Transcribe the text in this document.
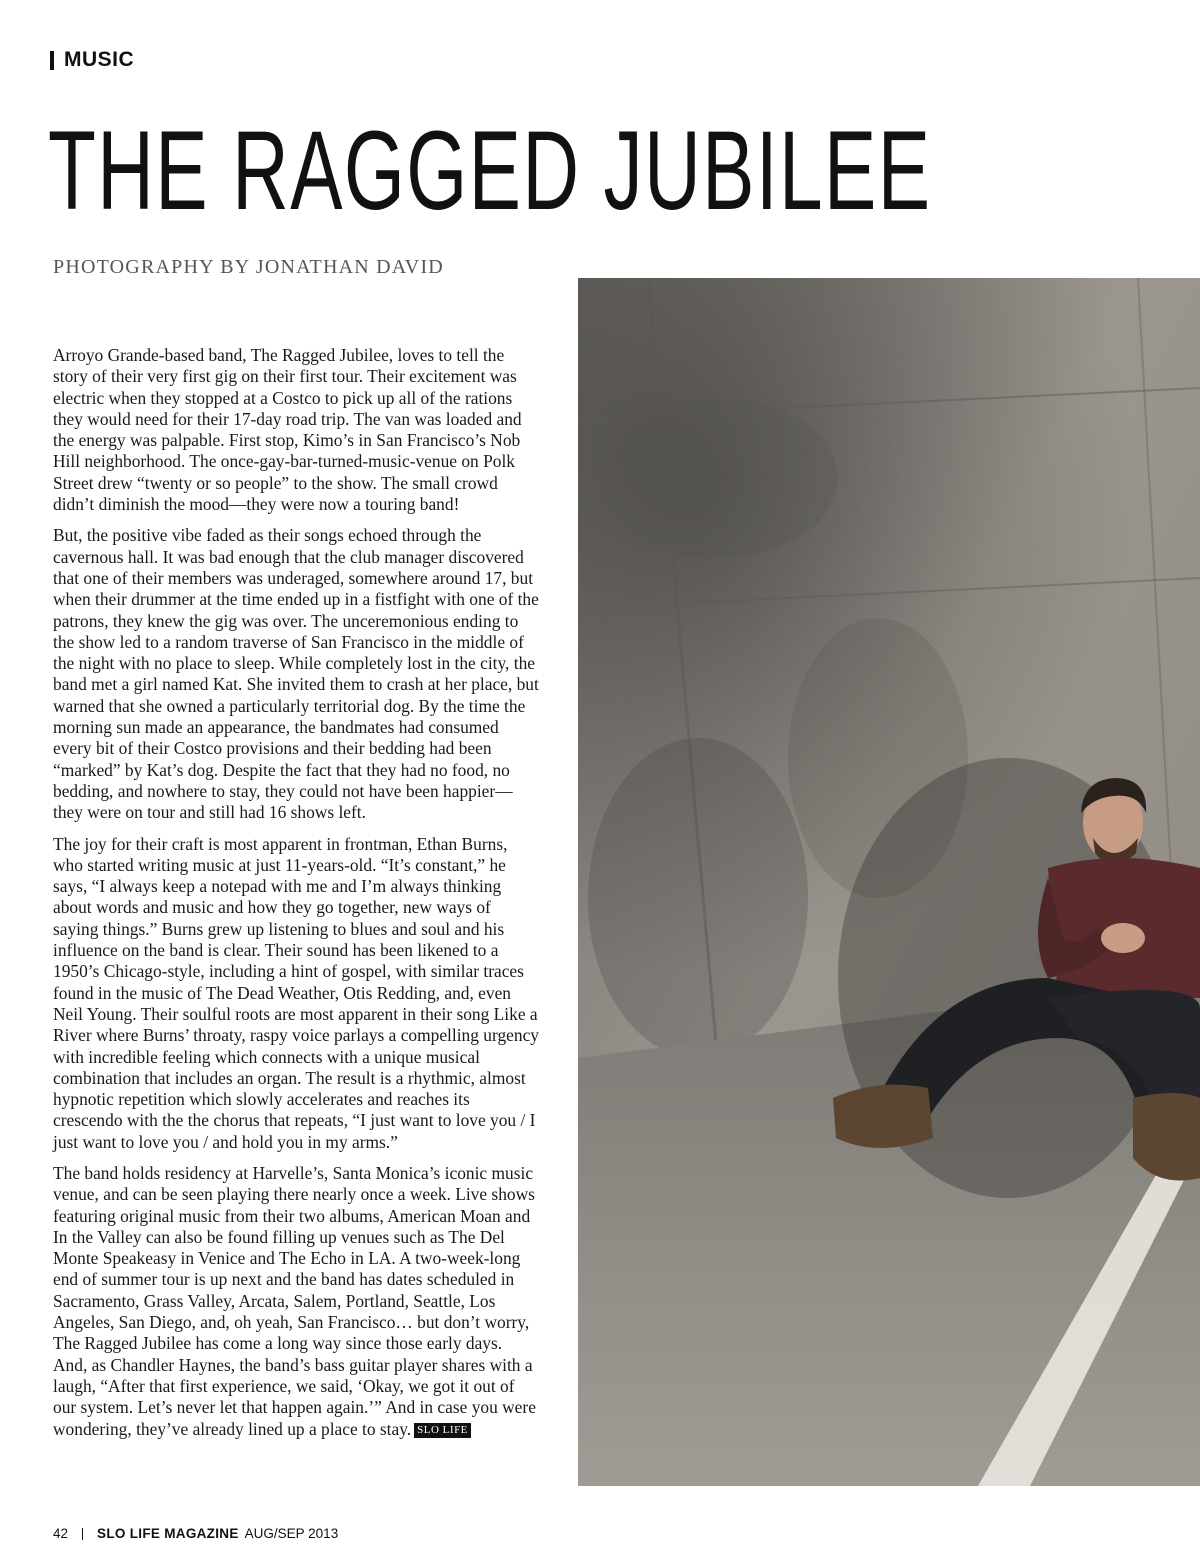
MUSIC
THE RAGGED JUBILEE
PHOTOGRAPHY BY JONATHAN DAVID

Arroyo Grande-based band, The Ragged Jubilee, loves to tell the story of their very first gig on their first tour. Their excitement was electric when they stopped at a Costco to pick up all of the rations they would need for their 17-day road trip. The van was loaded and the energy was palpable. First stop, Kimo’s in San Francisco’s Nob Hill neighborhood. The once-gay-bar-turned-music-venue on Polk Street drew “twenty or so people” to the show. The small crowd didn’t diminish the mood—they were now a touring band!

But, the positive vibe faded as their songs echoed through the cavernous hall. It was bad enough that the club manager discovered that one of their members was underaged, somewhere around 17, but when their drummer at the time ended up in a fistfight with one of the patrons, they knew the gig was over. The unceremonious ending to the show led to a random traverse of San Francisco in the middle of the night with no place to sleep. While completely lost in the city, the band met a girl named Kat. She invited them to crash at her place, but warned that she owned a particularly territorial dog. By the time the morning sun made an appearance, the bandmates had consumed every bit of their Costco provisions and their bedding had been “marked” by Kat’s dog. Despite the fact that they had no food, no bedding, and nowhere to stay, they could not have been happier—they were on tour and still had 16 shows left.

The joy for their craft is most apparent in frontman, Ethan Burns, who started writing music at just 11-years-old. “It’s constant,” he says, “I always keep a notepad with me and I’m always thinking about words and music and how they go together, new ways of saying things.” Burns grew up listening to blues and soul and his influence on the band is clear. Their sound has been likened to a 1950’s Chicago-style, including a hint of gospel, with similar traces found in the music of The Dead Weather, Otis Redding, and, even Neil Young. Their soulful roots are most apparent in their song Like a River where Burns’ throaty, raspy voice parlays a compelling urgency with incredible feeling which connects with a unique musical combination that includes an organ. The result is a rhythmic, almost hypnotic repetition which slowly accelerates and reaches its crescendo with the the chorus that repeats, “I just want to love you / I just want to love you / and hold you in my arms.”

The band holds residency at Harvelle’s, Santa Monica’s iconic music venue, and can be seen playing there nearly once a week. Live shows featuring original music from their two albums, American Moan and In the Valley can also be found filling up venues such as The Del Monte Speakeasy in Venice and The Echo in LA. A two-week-long end of summer tour is up next and the band has dates scheduled in Sacramento, Grass Valley, Arcata, Salem, Portland, Seattle, Los Angeles, San Diego, and, oh yeah, San Francisco… but don’t worry, The Ragged Jubilee has come a long way since those early days. And, as Chandler Haynes, the band’s bass guitar player shares with a laugh, “After that first experience, we said, ‘Okay, we got it out of our system. Let’s never let that happen again.’” And in case you were wondering, they’ve already lined up a place to stay. SLO LIFE

42 SLO LIFE MAGAZINE AUG/SEP 2013
